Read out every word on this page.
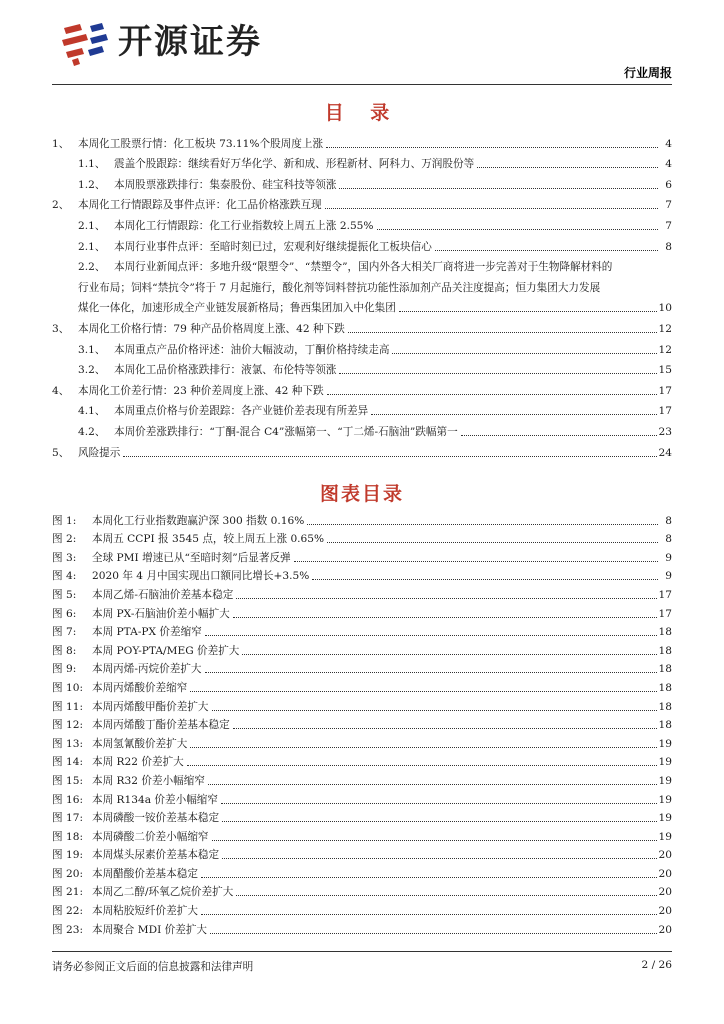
开源证券
行业周报
目 录
1、 本周化工股票行情：化工板块 73.11%个股周度上涨	4
1.1、 震盖个股跟踪：继续看好万华化学、新和成、形程新材、阿科力、万润股份等	4
1.2、 本周股票涨跌排行：集泰股份、硅宝科技等领涨	6
2、 本周化工行情跟踪及事件点评：化工品价格涨跌互现	7
2.1、 本周化工行情跟踪：化工行业指数较上周五上涨 2.55%	7
2.1、 本周行业事件点评：至暗时刻已过，宏观利好继续提振化工板块信心	8
2.2、 本周行业新闻点评：多地升级“限塑令”、“禁塑令”，国内外各大相关厂商将进一步完善对于生物降解材料的
行业布局；饲料“禁抗令”将于 7 月起施行，酸化剂等饲料替抗功能性添加剂产品关注度提高；恒力集团大力发展
煤化一体化，加速形成全产业链发展新格局；鲁西集团加入中化集团	10
3、 本周化工价格行情：79 种产品价格周度上涨、42 种下跌	12
3.1、 本周重点产品价格评述：油价大幅波动，丁酮价格持续走高	12
3.2、 本周化工品价格涨跌排行：液氯、布伦特等领涨	15
4、 本周化工价差行情：23 种价差周度上涨、42 种下跌	17
4.1、 本周重点价格与价差跟踪：各产业链价差表现有所差异	17
4.2、 本周价差涨跌排行：“丁酮-混合 C4”涨幅第一、“丁二烯-石脑油”跌幅第一	23
5、 风险提示	24
图表目录
图 1:	本周化工行业指数跑赢沪深 300 指数 0.16%	8
图 2:	本周五 CCPI 报 3545 点，较上周五上涨 0.65%	8
图 3:	全球 PMI 增速已从“至暗时刻”后显著反弹	9
图 4:	2020 年 4 月中国实现出口额同比增长+3.5%	9
图 5:	本周乙烯-石脑油价差基本稳定	17
图 6:	本周 PX-石脑油价差小幅扩大	17
图 7:	本周 PTA-PX 价差缩窄	18
图 8:	本周 POY-PTA/MEG 价差扩大	18
图 9:	本周丙烯-丙烷价差扩大	18
图 10: 本周丙烯酸价差缩窄	18
图 11: 本周丙烯酸甲酯价差扩大	18
图 12: 本周丙烯酸丁酯价差基本稳定	18
图 13: 本周氢氰酸价差扩大	19
图 14: 本周 R22 价差扩大	19
图 15: 本周 R32 价差小幅缩窄	19
图 16: 本周 R134a 价差小幅缩窄	19
图 17: 本周磷酸一铵价差基本稳定	19
图 18: 本周磷酸二价差小幅缩窄	19
图 19: 本周煤头尿素价差基本稳定	20
图 20: 本周醋酸价差基本稳定	20
图 21: 本周乙二醇/环氧乙烷价差扩大	20
图 22: 本周粘胶短纤价差扩大	20
图 23: 本周聚合 MDI 价差扩大	20
请务必参阅正文后面的信息披露和法律声明	2 / 26
